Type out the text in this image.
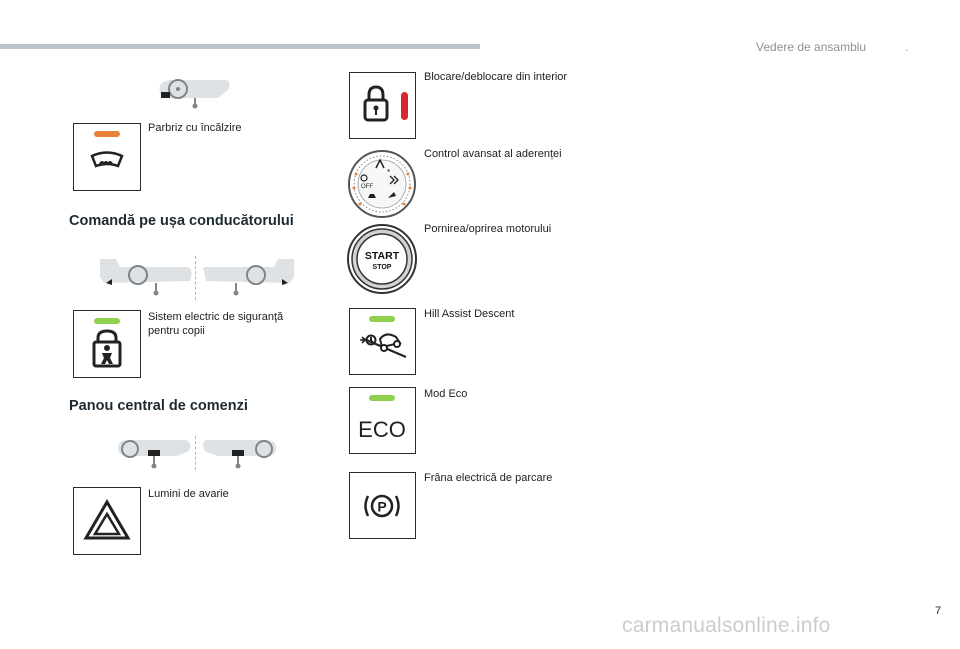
Vedere de ansamblu	.
Parbriz cu încălzire
Comandă pe ușa conducătorului
Sistem electric de siguranţă
pentru copii
Panou central de comenzi
Lumini de avarie
Blocare/deblocare din interior
OFF
*
Control avansat al aderenței
START
STOP
Pornirea/oprirea motorului
Hill Assist Descent
ECO
Mod Eco
P
Frâna electrică de parcare
7
carmanualsonline.info
